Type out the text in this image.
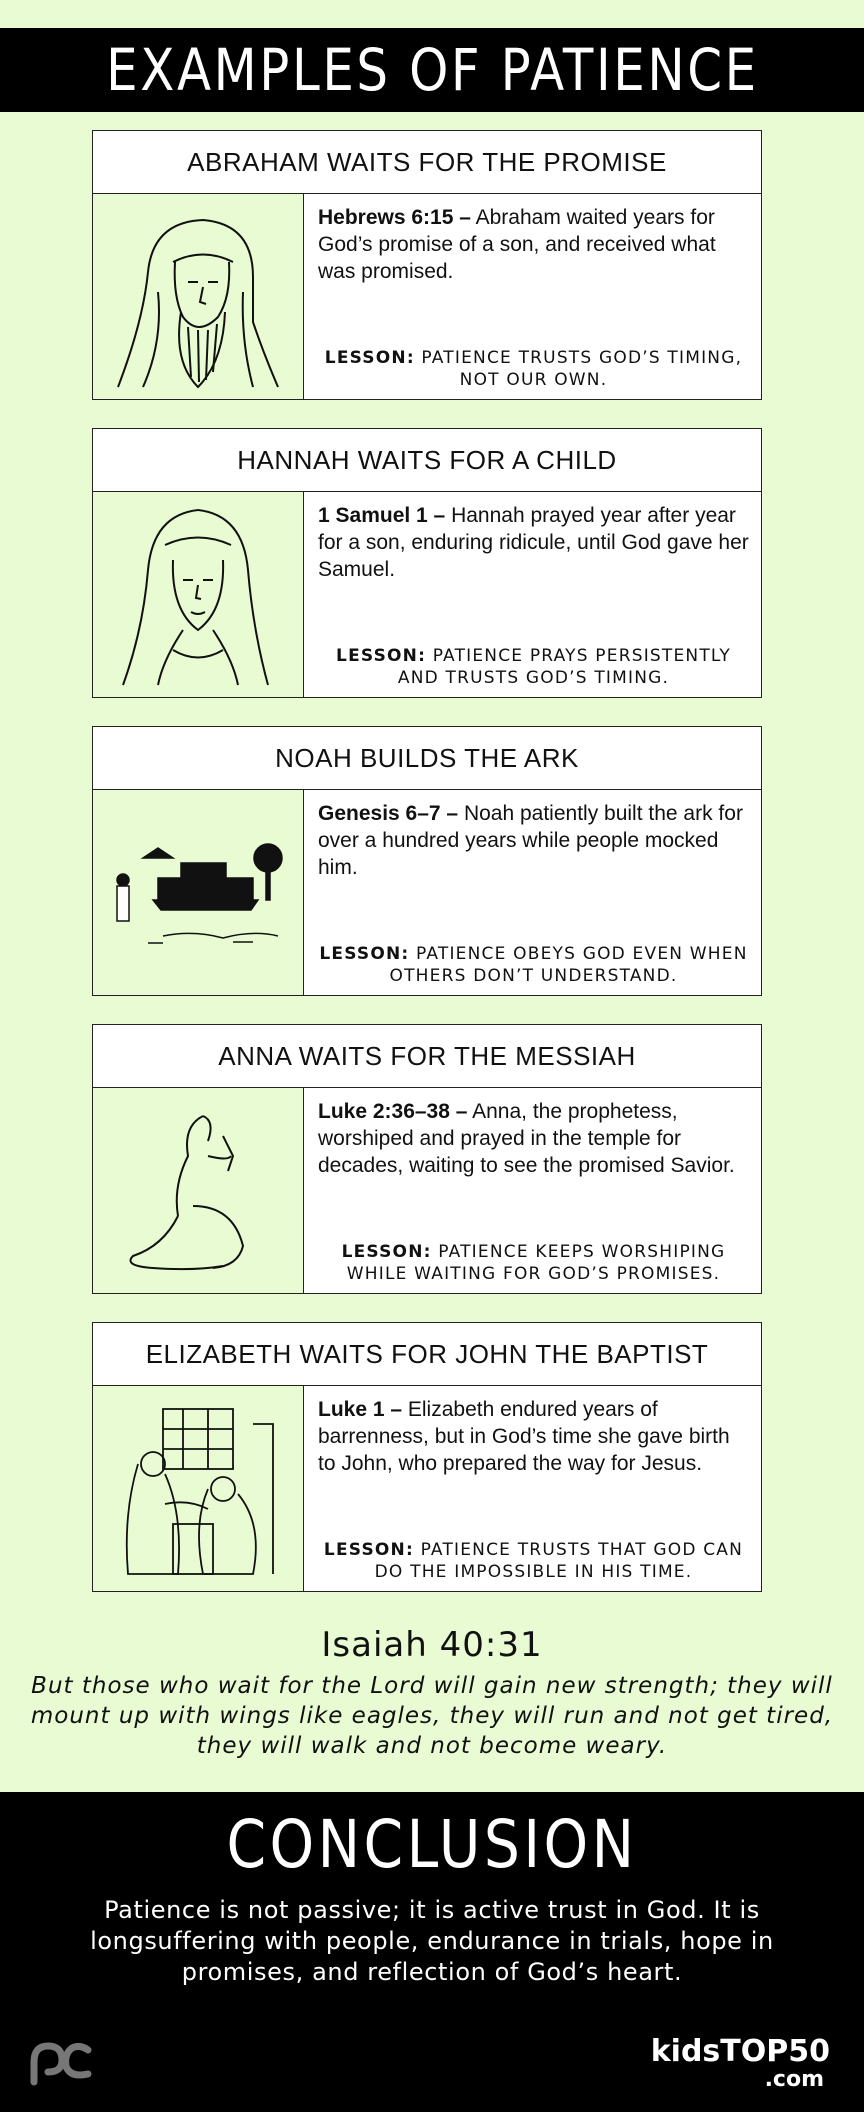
EXAMPLES OF PATIENCE
ABRAHAM WAITS FOR THE PROMISE
Hebrews 6:15 – Abraham waited years for God’s promise of a son, and received what was promised.
LESSON: PATIENCE TRUSTS GOD’S TIMING, NOT OUR OWN.
HANNAH WAITS FOR A CHILD
1 Samuel 1 – Hannah prayed year after year for a son, enduring ridicule, until God gave her Samuel.
LESSON: PATIENCE PRAYS PERSISTENTLY AND TRUSTS GOD’S TIMING.
NOAH BUILDS THE ARK
Genesis 6–7 – Noah patiently built the ark for over a hundred years while people mocked him.
LESSON: PATIENCE OBEYS GOD EVEN WHEN OTHERS DON’T UNDERSTAND.
ANNA WAITS FOR THE MESSIAH
Luke 2:36–38 – Anna, the prophetess, worshiped and prayed in the temple for decades, waiting to see the promised Savior.
LESSON: PATIENCE KEEPS WORSHIPING WHILE WAITING FOR GOD’S PROMISES.
ELIZABETH WAITS FOR JOHN THE BAPTIST
Luke 1 – Elizabeth endured years of barrenness, but in God’s time she gave birth to John, who prepared the way for Jesus.
LESSON: PATIENCE TRUSTS THAT GOD CAN DO THE IMPOSSIBLE IN HIS TIME.
Isaiah 40:31
But those who wait for the Lord will gain new strength; they will mount up with wings like eagles, they will run and not get tired, they will walk and not become weary.
CONCLUSION

Patience is not passive; it is active trust in God. It is longsuffering with people, endurance in trials, hope in promises, and reflection of God’s heart.

kidsTOP50
.com
